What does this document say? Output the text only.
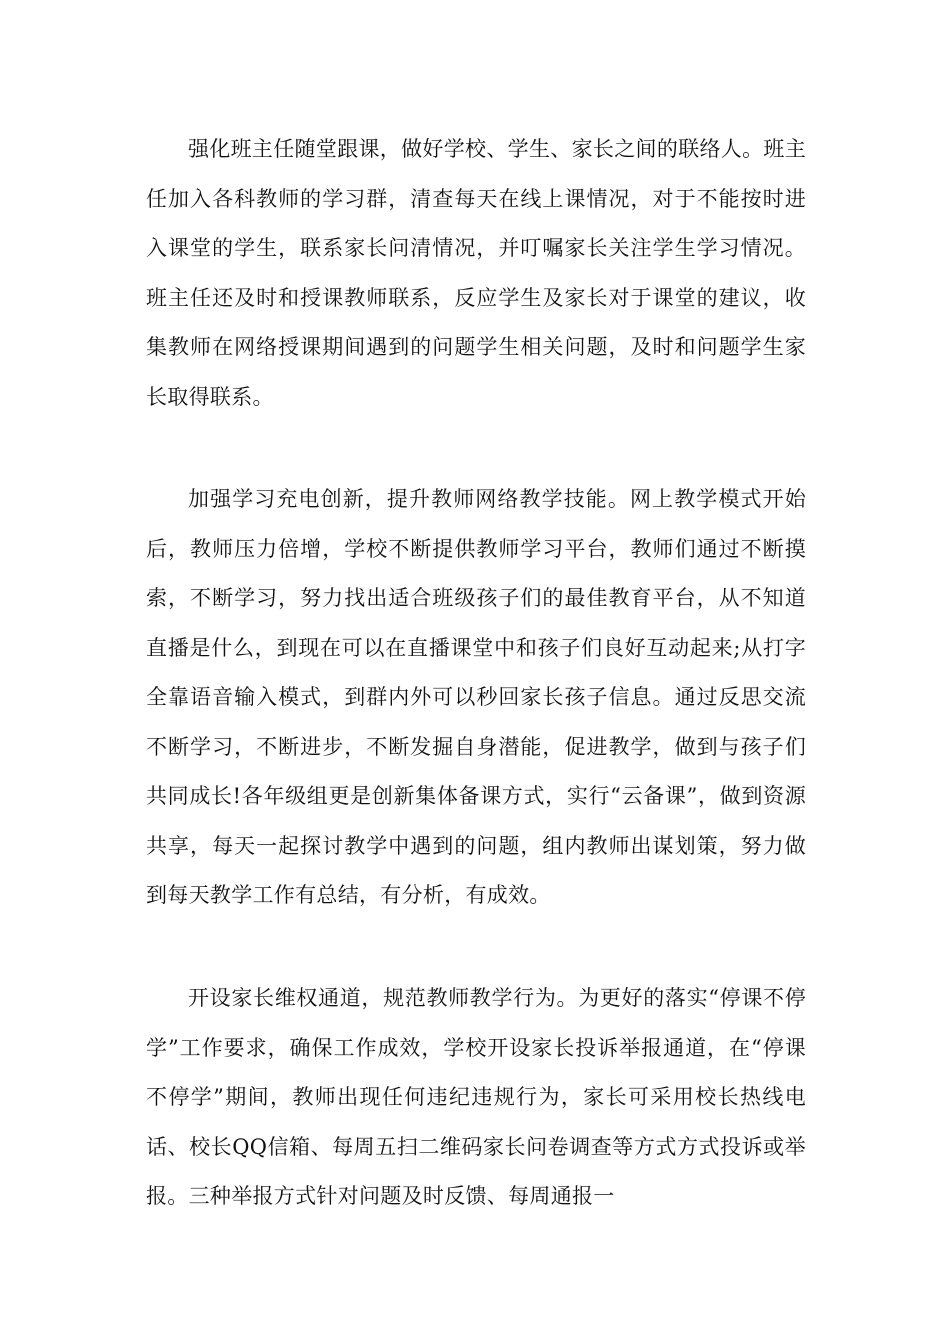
强化班主任随堂跟课，做好学校、学生、家长之间的联络人。班主任加入各科教师的学习群，清查每天在线上课情况，对于不能按时进入课堂的学生，联系家长问清情况，并叮嘱家长关注学生学习情况。班主任还及时和授课教师联系，反应学生及家长对于课堂的建议，收集教师在网络授课期间遇到的问题学生相关问题，及时和问题学生家长取得联系。

加强学习充电创新，提升教师网络教学技能。网上教学模式开始后，教师压力倍增，学校不断提供教师学习平台，教师们通过不断摸索，不断学习，努力找出适合班级孩子们的最佳教育平台，从不知道直播是什么，到现在可以在直播课堂中和孩子们良好互动起来;从打字全靠语音输入模式，到群内外可以秒回家长孩子信息。通过反思交流不断学习，不断进步，不断发掘自身潜能，促进教学，做到与孩子们共同成长!各年级组更是创新集体备课方式，实行“云备课”，做到资源共享，每天一起探讨教学中遇到的问题，组内教师出谋划策，努力做到每天教学工作有总结，有分析，有成效。

开设家长维权通道，规范教师教学行为。为更好的落实“停课不停学”工作要求，确保工作成效，学校开设家长投诉举报通道，在“停课不停学”期间，教师出现任何违纪违规行为，家长可采用校长热线电话、校长QQ信箱、每周五扫二维码家长问卷调查等方式方式投诉或举报。三种举报方式针对问题及时反馈、每周通报一
